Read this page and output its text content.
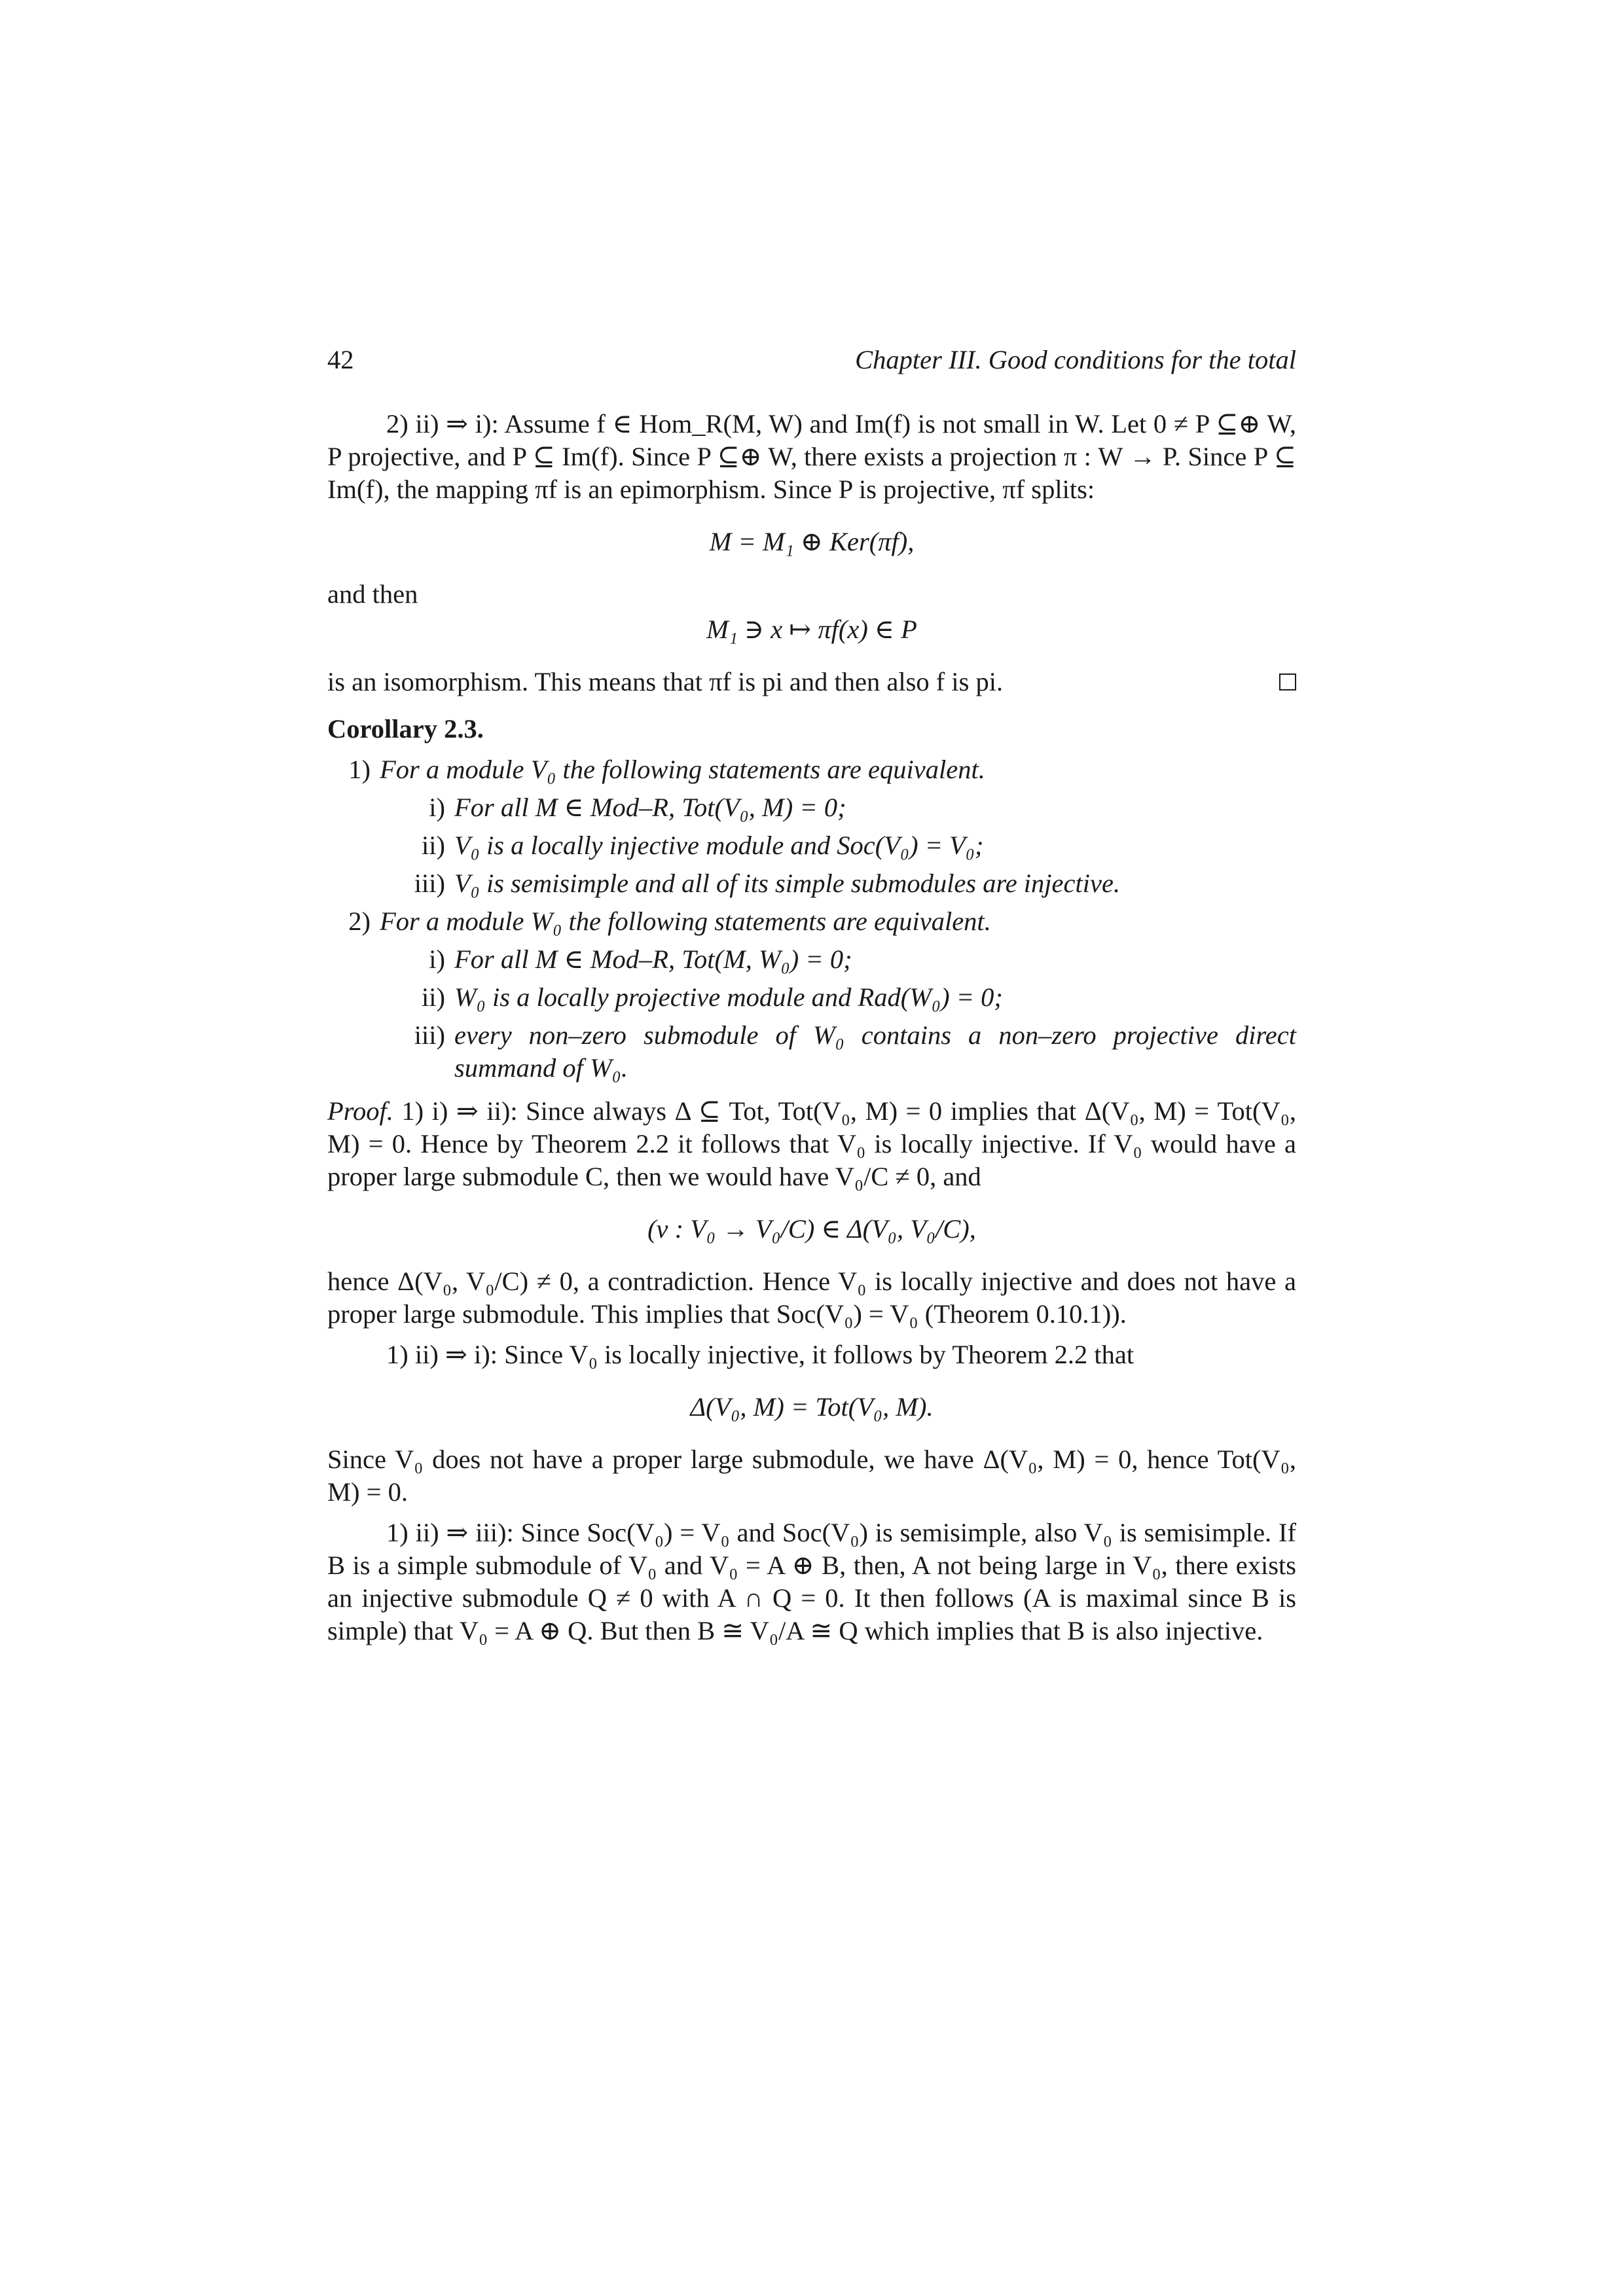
42	Chapter III. Good conditions for the total

2) ii) ⇒ i): Assume f ∈ Hom_R(M, W) and Im(f) is not small in W. Let 0 ≠ P ⊆⊕ W, P projective, and P ⊆ Im(f). Since P ⊆⊕ W, there exists a projection π : W → P. Since P ⊆ Im(f), the mapping πf is an epimorphism. Since P is projective, πf splits:

M = M₁ ⊕ Ker(πf),

and then

M₁ ∋ x ↦ πf(x) ∈ P
is an isomorphism. This means that πf is pi and then also f is pi.
Corollary 2.3.
1) For a module V₀ the following statements are equivalent.
i) For all M ∈ Mod–R, Tot(V₀, M) = 0;
ii) V₀ is a locally injective module and Soc(V₀) = V₀;
iii) V₀ is semisimple and all of its simple submodules are injective.
2) For a module W₀ the following statements are equivalent.
i) For all M ∈ Mod–R, Tot(M, W₀) = 0;
ii) W₀ is a locally projective module and Rad(W₀) = 0;
iii) every non–zero submodule of W₀ contains a non–zero projective direct summand of W₀.

Proof. 1) i) ⇒ ii): Since always Δ ⊆ Tot, Tot(V₀, M) = 0 implies that Δ(V₀, M) = Tot(V₀, M) = 0. Hence by Theorem 2.2 it follows that V₀ is locally injective. If V₀ would have a proper large submodule C, then we would have V₀/C ≠ 0, and

(ν : V₀ → V₀/C) ∈ Δ(V₀, V₀/C),

hence Δ(V₀, V₀/C) ≠ 0, a contradiction. Hence V₀ is locally injective and does not have a proper large submodule. This implies that Soc(V₀) = V₀ (Theorem 0.10.1)).

1) ii) ⇒ i): Since V₀ is locally injective, it follows by Theorem 2.2 that

Δ(V₀, M) = Tot(V₀, M).

Since V₀ does not have a proper large submodule, we have Δ(V₀, M) = 0, hence Tot(V₀, M) = 0.

1) ii) ⇒ iii): Since Soc(V₀) = V₀ and Soc(V₀) is semisimple, also V₀ is semisimple. If B is a simple submodule of V₀ and V₀ = A ⊕ B, then, A not being large in V₀, there exists an injective submodule Q ≠ 0 with A ∩ Q = 0. It then follows (A is maximal since B is simple) that V₀ = A ⊕ Q. But then B ≅ V₀/A ≅ Q which implies that B is also injective.
